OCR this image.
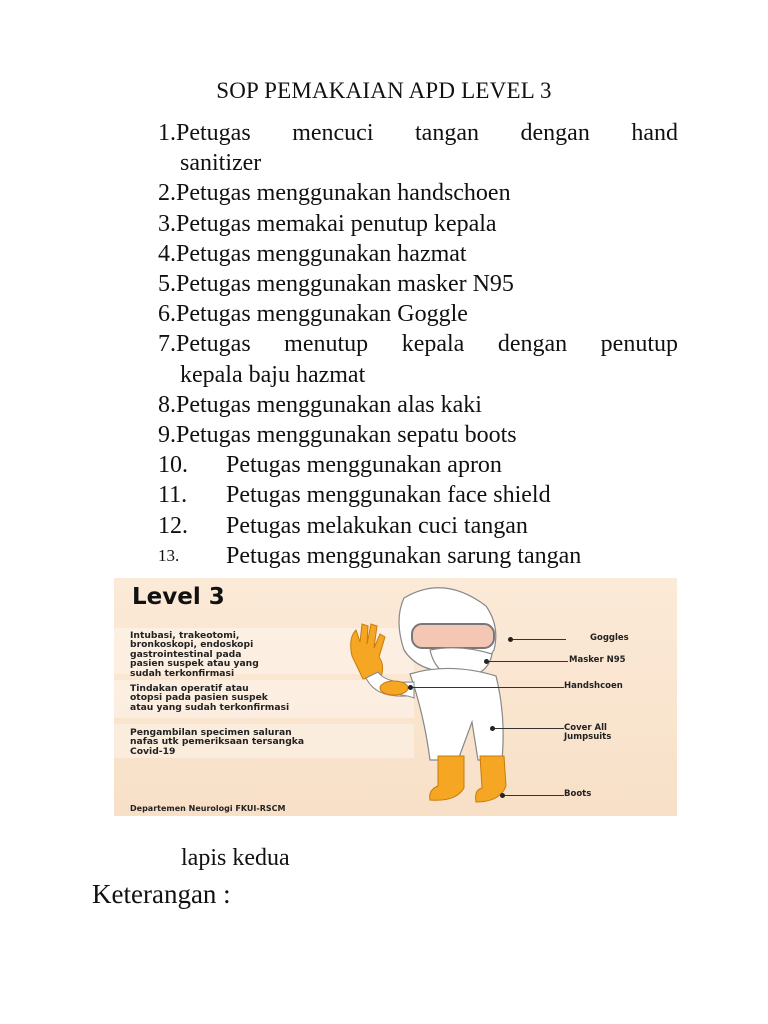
SOP PEMAKAIAN APD LEVEL 3
1. Petugas mencuci tangan dengan hand
sanitizer
2. Petugas menggunakan handschoen
3. Petugas memakai penutup kepala
4. Petugas menggunakan hazmat
5. Petugas menggunakan masker N95
6. Petugas menggunakan Goggle
7. Petugas menutup kepala dengan penutup
kepala baju hazmat
8. Petugas menggunakan alas kaki
9. Petugas menggunakan sepatu boots
10.	Petugas menggunakan apron
11.	Petugas menggunakan face shield
12.	Petugas melakukan cuci tangan
13.	Petugas menggunakan sarung tangan
Level 3
Intubasi, trakeotomi,
bronkoskopi, endoskopi
gastrointestinal pada
pasien suspek atau yang
sudah terkonfirmasi
Tindakan operatif atau
otopsi pada pasien suspek
atau yang sudah terkonfirmasi
Pengambilan specimen saluran
nafas utk pemeriksaan tersangka
Covid-19
Departemen Neurologi FKUI-RSCM
Goggles
Masker N95
Handshcoen
Cover All
Jumpsuits
Boots
lapis kedua
Keterangan :
